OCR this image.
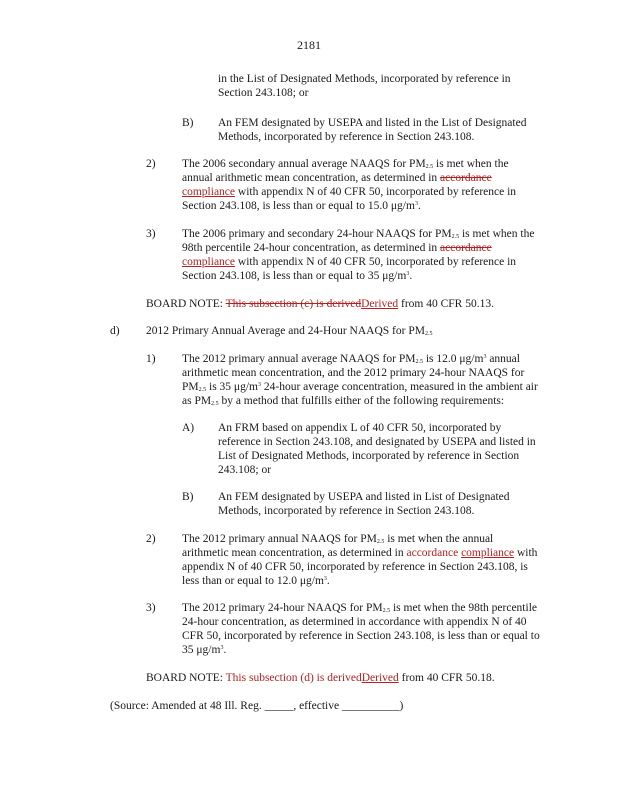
2181
in the List of Designated Methods, incorporated by reference in Section 243.108; or
B) An FEM designated by USEPA and listed in the List of Designated Methods, incorporated by reference in Section 243.108.
2) The 2006 secondary annual average NAAQS for $PM_{2.5}$ is met when the annual arithmetic mean concentration, as determined in accordance compliance with appendix N of 40 CFR 50, incorporated by reference in Section 243.108, is less than or equal to 15.0 $\mu g/m^3$.
3) The 2006 primary and secondary 24-hour NAAQS for $PM_{2.5}$ is met when the 98th percentile 24-hour concentration, as determined in accordance compliance with appendix N of 40 CFR 50, incorporated by reference in Section 243.108, is less than or equal to 35 $\mu g/m^3$.
BOARD NOTE: This subsection (c) is derivedDerived from 40 CFR 50.13.
d) 2012 Primary Annual Average and 24-Hour NAAQS for $PM_{2.5}$
1) The 2012 primary annual average NAAQS for $PM_{2.5}$ is 12.0 $\mu g/m^3$ annual arithmetic mean concentration, and the 2012 primary 24-hour NAAQS for $PM_{2.5}$ is 35 $\mu g/m^3$ 24-hour average concentration, measured in the ambient air as $PM_{2.5}$ by a method that fulfills either of the following requirements:
A) An FRM based on appendix L of 40 CFR 50, incorporated by reference in Section 243.108, and designated by USEPA and listed in List of Designated Methods, incorporated by reference in Section 243.108; or
B) An FEM designated by USEPA and listed in List of Designated Methods, incorporated by reference in Section 243.108.
2) The 2012 primary annual NAAQS for $PM_{2.5}$ is met when the annual arithmetic mean concentration, as determined in accordance compliance with appendix N of 40 CFR 50, incorporated by reference in Section 243.108, is less than or equal to 12.0 $\mu g/m^3$.
3) The 2012 primary 24-hour NAAQS for $PM_{2.5}$ is met when the 98th percentile 24-hour concentration, as determined in accordance with appendix N of 40 CFR 50, incorporated by reference in Section 243.108, is less than or equal to 35 $\mu g/m^3$.
BOARD NOTE: This subsection (d) is derivedDerived from 40 CFR 50.18.
(Source: Amended at 48 Ill. Reg. _____, effective __________)
